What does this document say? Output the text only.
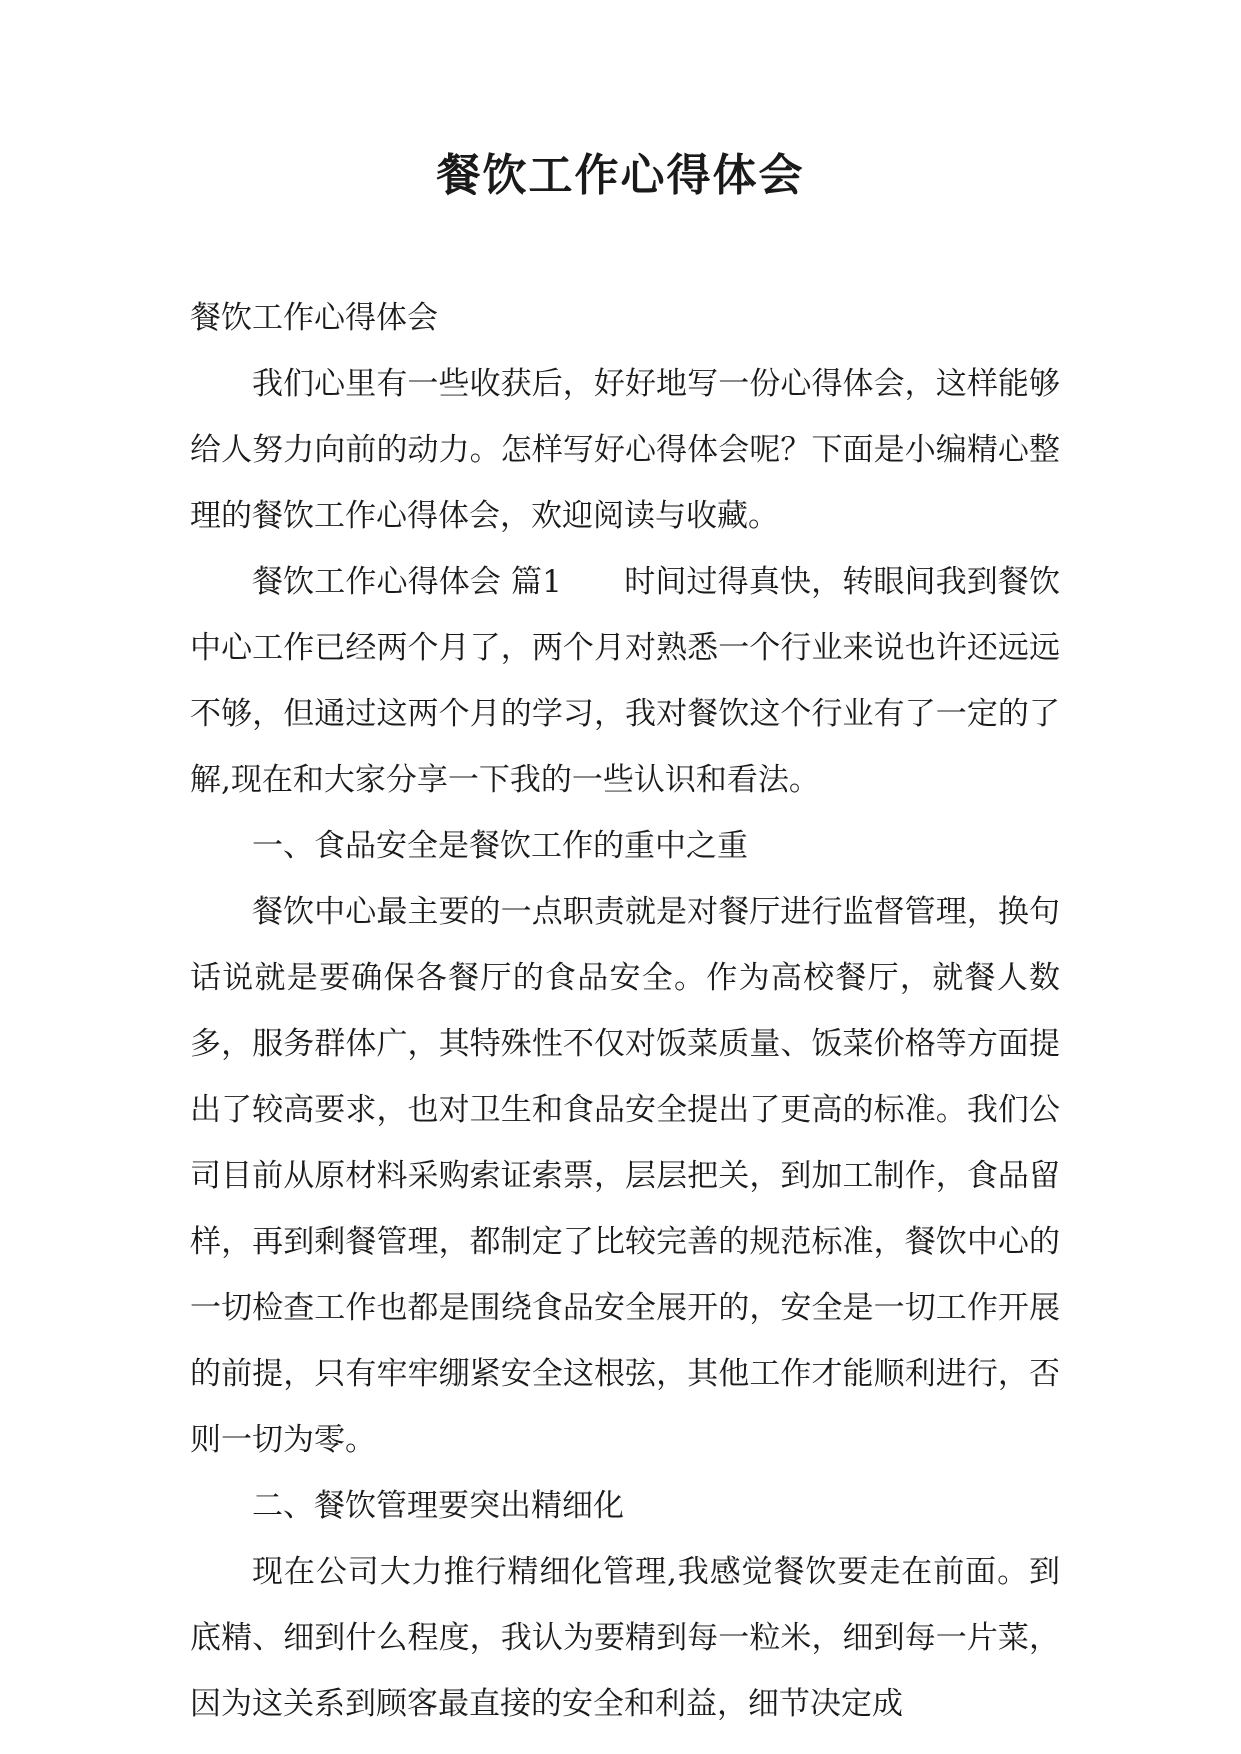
餐饮工作心得体会

餐饮工作心得体会

我们心里有一些收获后，好好地写一份心得体会，这样能够给人努力向前的动力。怎样写好心得体会呢？下面是小编精心整理的餐饮工作心得体会，欢迎阅读与收藏。

餐饮工作心得体会 篇1　　时间过得真快，转眼间我到餐饮中心工作已经两个月了，两个月对熟悉一个行业来说也许还远远不够，但通过这两个月的学习，我对餐饮这个行业有了一定的了解,现在和大家分享一下我的一些认识和看法。

一、食品安全是餐饮工作的重中之重

餐饮中心最主要的一点职责就是对餐厅进行监督管理，换句话说就是要确保各餐厅的食品安全。作为高校餐厅，就餐人数多，服务群体广，其特殊性不仅对饭菜质量、饭菜价格等方面提出了较高要求，也对卫生和食品安全提出了更高的标准。我们公司目前从原材料采购索证索票，层层把关，到加工制作，食品留样，再到剩餐管理，都制定了比较完善的规范标准，餐饮中心的一切检查工作也都是围绕食品安全展开的，安全是一切工作开展的前提，只有牢牢绷紧安全这根弦，其他工作才能顺利进行，否则一切为零。

二、餐饮管理要突出精细化

现在公司大力推行精细化管理,我感觉餐饮要走在前面。到底精、细到什么程度，我认为要精到每一粒米，细到每一片菜，因为这关系到顾客最直接的安全和利益，细节决定成
